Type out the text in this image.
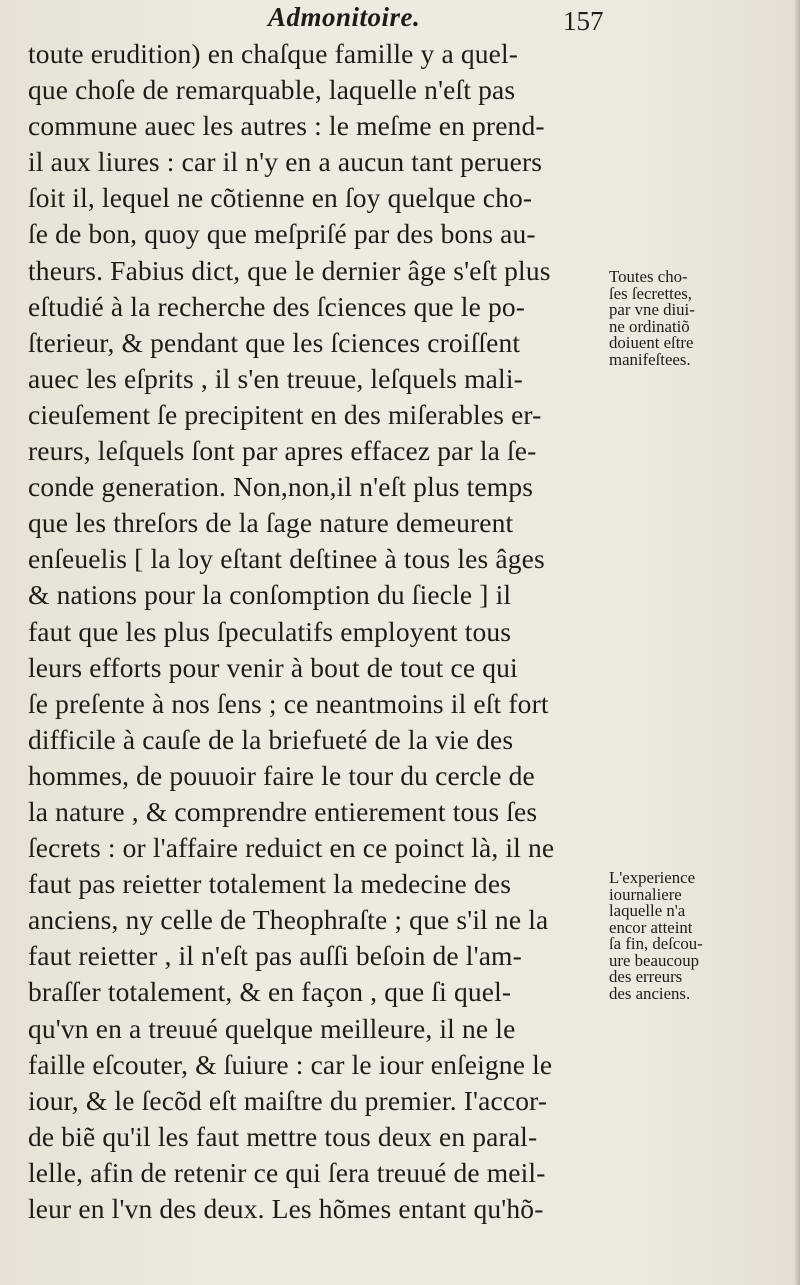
Admonitoire.	157
toute erudition) en chaſque famille y a quel-
que choſe de remarquable, laquelle n'eſt pas
commune auec les autres : le meſme en prend-
il aux liures : car il n'y en a aucun tant peruers
ſoit il, lequel ne cõtienne en ſoy quelque cho-
ſe de bon, quoy que meſpriſé par des bons au-
theurs. Fabius dict, que le dernier âge s'eſt plus
eſtudié à la recherche des ſciences que le po-
ſterieur, & pendant que les ſciences croiſſent
auec les eſprits , il s'en treuue, leſquels mali-
cieuſement ſe precipitent en des miſerables er-
reurs, leſquels ſont par apres effacez par la ſe-
conde generation. Non,non,il n'eſt plus temps
que les threſors de la ſage nature demeurent
enſeuelis [ la loy eſtant deſtinee à tous les âges
& nations pour la conſomption du ſiecle ] il
faut que les plus ſpeculatifs employent tous
leurs efforts pour venir à bout de tout ce qui
ſe preſente à nos ſens ; ce neantmoins il eſt fort
difficile à cauſe de la briefueté de la vie des
hommes, de pouuoir faire le tour du cercle de
la nature , & comprendre entierement tous ſes
ſecrets : or l'affaire reduict en ce poinct là, il ne
faut pas reietter totalement la medecine des
anciens, ny celle de Theophraſte ; que s'il ne la
faut reietter , il n'eſt pas auſſi beſoin de l'am-
braſſer totalement, & en façon , que ſi quel-
qu'vn en a treuué quelque meilleure, il ne le
faille eſcouter, & ſuiure : car le iour enſeigne le
iour, & le ſecõd eſt maiſtre du premier. I'accor-
de biẽ qu'il les faut mettre tous deux en paral-
lelle, afin de retenir ce qui ſera treuué de meil-
leur en l'vn des deux. Les hõmes entant qu'hõ-
Toutes cho-
ſes ſecrettes,
par vne diui-
ne ordinatiõ
doiuent eſtre
manifeſtees.
L'experience
iournaliere
laquelle n'a
encor atteint
ſa fin, deſcou-
ure beaucoup
des erreurs
des anciens.
